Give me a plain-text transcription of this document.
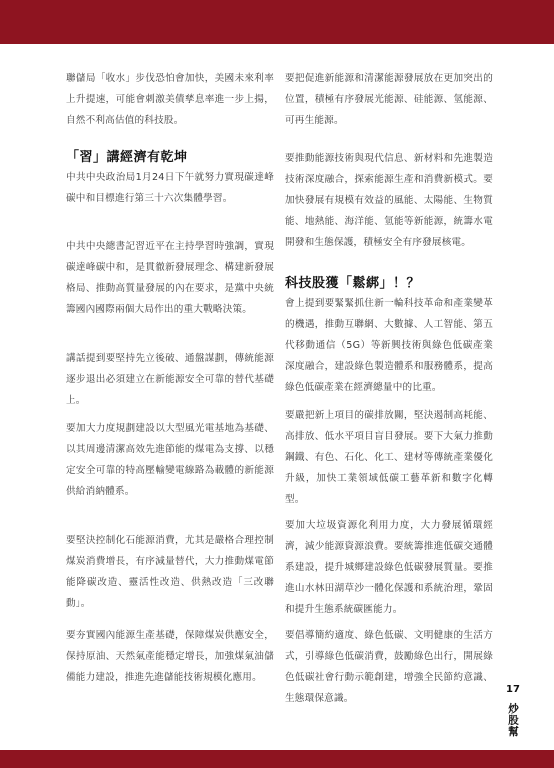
聯儲局「收水」步伐恐怕會加快，美國未來利率上升提速，可能會刺激美債孳息率進一步上揚，自然不利高估值的科技股。
「習」講經濟有乾坤
中共中央政治局1月24日下午就努力實現碳達峰碳中和目標進行第三十六次集體學習。
中共中央總書記習近平在主持學習時強調，實現碳達峰碳中和，是貫徹新發展理念、構建新發展格局、推動高質量發展的內在要求，是黨中央統籌國內國際兩個大局作出的重大戰略決策。
講話提到要堅持先立後破、通盤謀劃，傳統能源逐步退出必須建立在新能源安全可靠的替代基礎上。
要加大力度規劃建設以大型風光電基地為基礎、以其周邊清潔高效先進節能的煤電為支撐、以穩定安全可靠的特高壓輸變電線路為載體的新能源供給消納體系。
要堅決控制化石能源消費，尤其是嚴格合理控制煤炭消費增長，有序減量替代，大力推動煤電節能降碳改造、靈活性改造、供熱改造「三改聯動」。
要夯實國內能源生產基礎，保障煤炭供應安全，保持原油、天然氣產能穩定增長，加強煤氣油儲備能力建設，推進先進儲能技術規模化應用。
要把促進新能源和清潔能源發展放在更加突出的位置，積極有序發展光能源、硅能源、氫能源、可再生能源。
要推動能源技術與現代信息、新材料和先進製造技術深度融合，探索能源生產和消費新模式。要加快發展有規模有效益的風能、太陽能、生物質能、地熱能、海洋能、氫能等新能源，統籌水電開發和生態保護，積極安全有序發展核電。
科技股獲「鬆綁」！？
會上提到要緊緊抓住新一輪科技革命和產業變革的機遇，推動互聯網、大數據、人工智能、第五代移動通信（5G）等新興技術與綠色低碳產業深度融合，建設綠色製造體系和服務體系，提高綠色低碳產業在經濟總量中的比重。
要嚴把新上項目的碳排放關，堅決遏制高耗能、高排放、低水平項目盲目發展。要下大氣力推動鋼鐵、有色、石化、化工、建材等傳統產業優化升級，加快工業領域低碳工藝革新和數字化轉型。
要加大垃圾資源化利用力度，大力發展循環經濟，減少能源資源浪費。要統籌推進低碳交通體系建設，提升城鄉建設綠色低碳發展質量。要推進山水林田湖草沙一體化保護和系統治理，鞏固和提升生態系統碳匯能力。
要倡導簡約適度、綠色低碳、文明健康的生活方式，引導綠色低碳消費，鼓勵綠色出行，開展綠色低碳社會行動示範創建，增強全民節約意識、生態環保意識。
17
炒股幫
